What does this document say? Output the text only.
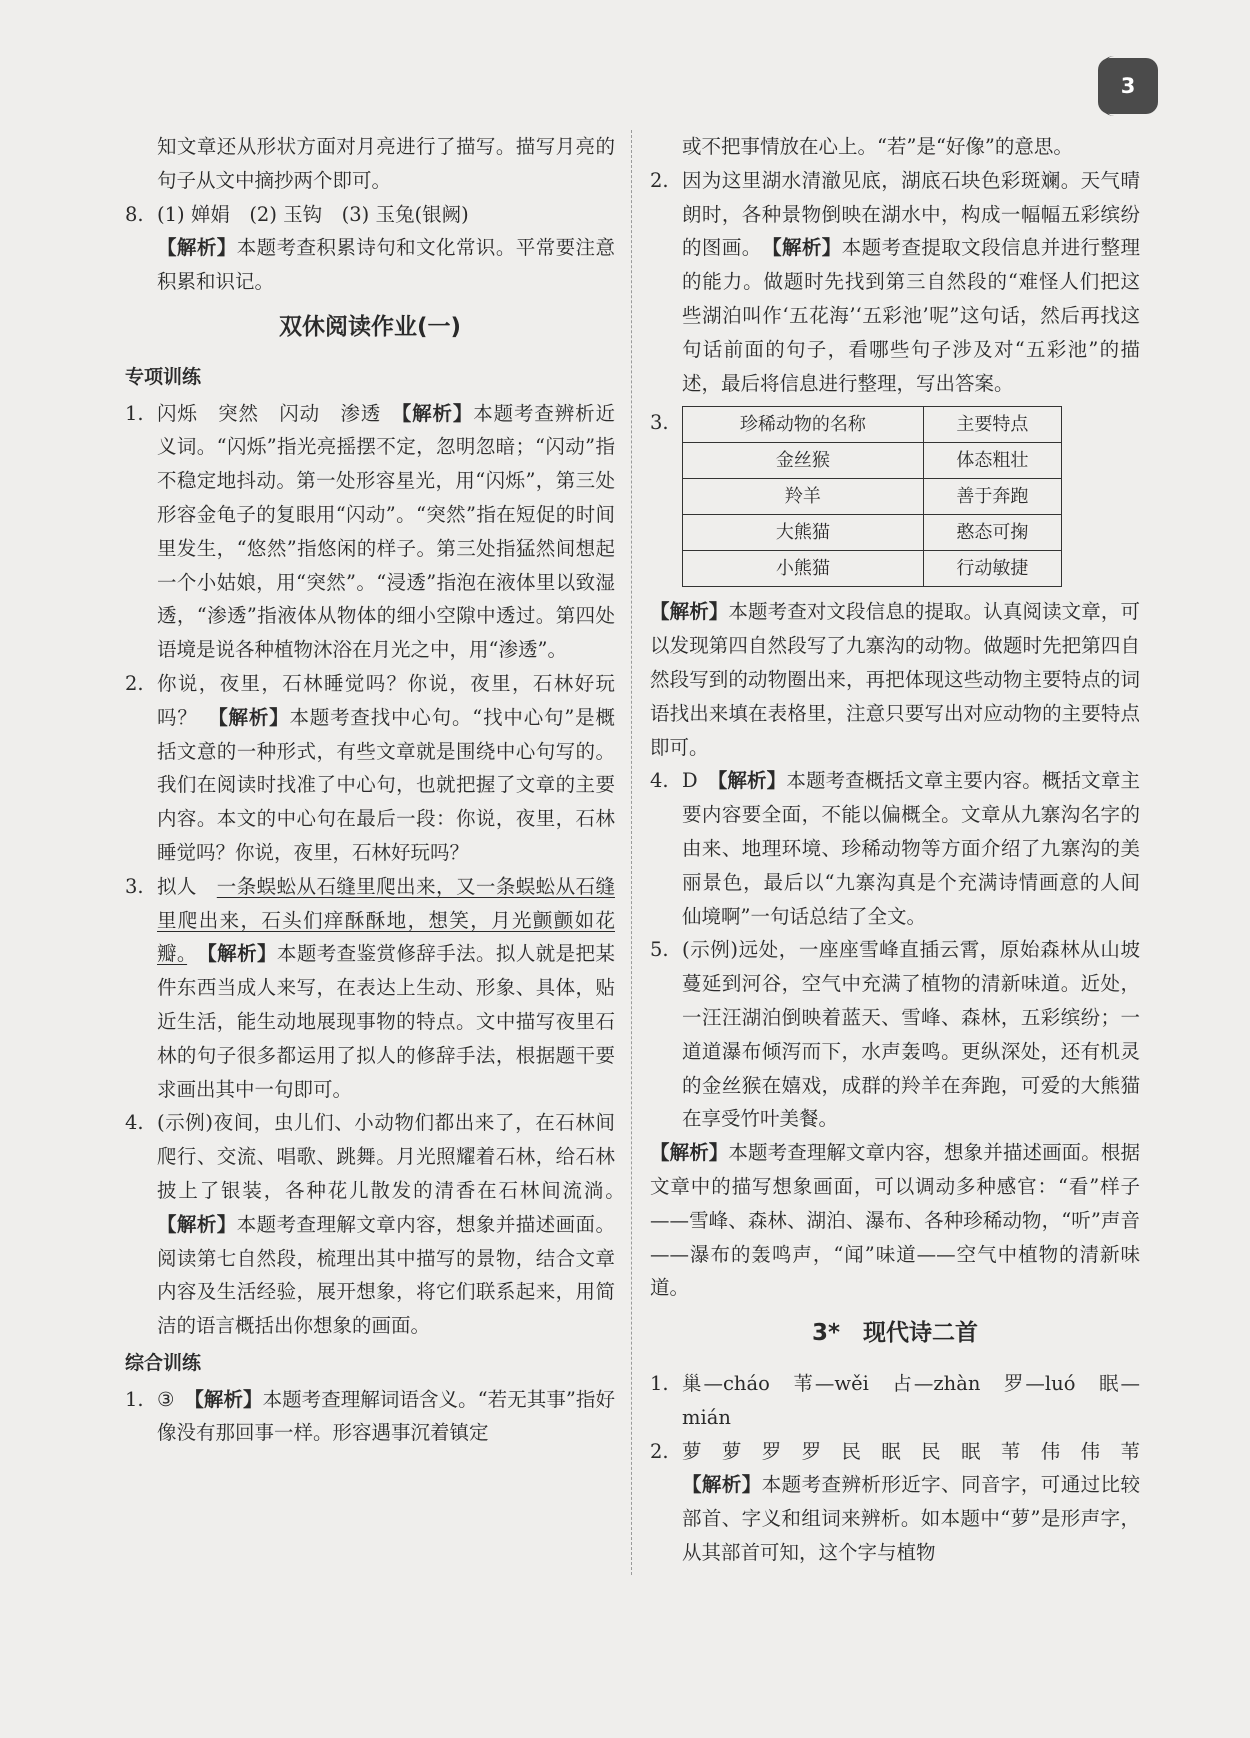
3

知文章还从形状方面对月亮进行了描写。描写月亮的句子从文中摘抄两个即可。

8. (1) 婵娟　(2) 玉钩　(3) 玉兔(银阙)
【解析】本题考查积累诗句和文化常识。平常要注意积累和识记。
双休阅读作业(一)
专项训练
1. 闪烁　突然　闪动　渗透　【解析】本题考查辨析近义词。“闪烁”指光亮摇摆不定，忽明忽暗；“闪动”指不稳定地抖动。第一处形容星光，用“闪烁”，第三处形容金龟子的复眼用“闪动”。“突然”指在短促的时间里发生，“悠然”指悠闲的样子。第三处指猛然间想起一个小姑娘，用“突然”。“浸透”指泡在液体里以致湿透，“渗透”指液体从物体的细小空隙中透过。第四处语境是说各种植物沐浴在月光之中，用“渗透”。
2. 你说，夜里，石林睡觉吗？你说，夜里，石林好玩吗？　【解析】本题考查找中心句。“找中心句”是概括文意的一种形式，有些文章就是围绕中心句写的。我们在阅读时找准了中心句，也就把握了文章的主要内容。本文的中心句在最后一段：你说，夜里，石林睡觉吗？你说，夜里，石林好玩吗？
3. 拟人　一条蜈蚣从石缝里爬出来，又一条蜈蚣从石缝里爬出来，石头们痒酥酥地，想笑，月光颤颤如花瓣。　 【解析】本题考查鉴赏修辞手法。拟人就是把某件东西当成人来写，在表达上生动、形象、具体，贴近生活，能生动地展现事物的特点。文中描写夜里石林的句子很多都运用了拟人的修辞手法，根据题干要求画出其中一句即可。
4. (示例)夜间，虫儿们、小动物们都出来了，在石林间爬行、交流、唱歌、跳舞。月光照耀着石林，给石林披上了银装，各种花儿散发的清香在石林间流淌。　【解析】本题考查理解文章内容，想象并描述画面。阅读第七自然段，梳理出其中描写的景物，结合文章内容及生活经验，展开想象，将它们联系起来，用简洁的语言概括出你想象的画面。
综合训练
1. ③　【解析】本题考查理解词语含义。“若无其事”指好像没有那回事一样。形容遇事沉着镇定

或不把事情放在心上。“若”是“好像”的意思。

2. 因为这里湖水清澈见底，湖底石块色彩斑斓。天气晴朗时，各种景物倒映在湖水中，构成一幅幅五彩缤纷的图画。　【解析】本题考查提取文段信息并进行整理的能力。做题时先找到第三自然段的“难怪人们把这些湖泊叫作‘五花海’‘五彩池’呢”这句话，然后再找这句话前面的句子，看哪些句子涉及对“五彩池”的描述，最后将信息进行整理，写出答案。
3.	珍稀动物的名称	主要特点
金丝猴	体态粗壮
羚羊	善于奔跑
大熊猫	憨态可掬
小熊猫	行动敏捷

【解析】本题考查对文段信息的提取。认真阅读文章，可以发现第四自然段写了九寨沟的动物。做题时先把第四自然段写到的动物圈出来，再把体现这些动物主要特点的词语找出来填在表格里，注意只要写出对应动物的主要特点即可。

4. D　【解析】本题考查概括文章主要内容。概括文章主要内容要全面，不能以偏概全。文章从九寨沟名字的由来、地理环境、珍稀动物等方面介绍了九寨沟的美丽景色，最后以“九寨沟真是个充满诗情画意的人间仙境啊”一句话总结了全文。
5. (示例)远处，一座座雪峰直插云霄，原始森林从山坡蔓延到河谷，空气中充满了植物的清新味道。近处，一汪汪湖泊倒映着蓝天、雪峰、森林，五彩缤纷；一道道瀑布倾泻而下，水声轰鸣。更纵深处，还有机灵的金丝猴在嬉戏，成群的羚羊在奔跑，可爱的大熊猫在享受竹叶美餐。

【解析】本题考查理解文章内容，想象并描述画面。根据文章中的描写想象画面，可以调动多种感官：“看”样子——雪峰、森林、湖泊、瀑布、各种珍稀动物，“听”声音——瀑布的轰鸣声，“闻”味道——空气中植物的清新味道。

3*　现代诗二首
1. 巢—cháo　苇—wěi　占—zhàn　罗—luó　眠—mián
2. 萝　萝　罗　罗　民　眠　民　眠　苇　伟　伟　苇　【解析】本题考查辨析形近字、同音字，可通过比较部首、字义和组词来辨析。如本题中“萝”是形声字，从其部首可知，这个字与植物
